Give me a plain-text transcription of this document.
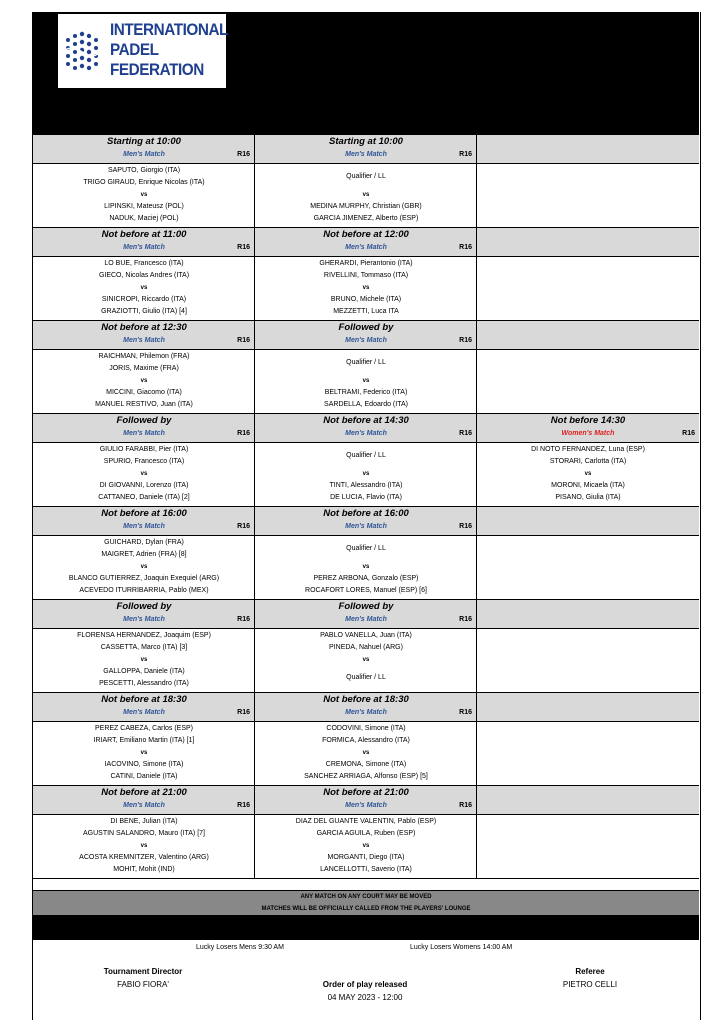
INTERNATIONAL
PADEL
FEDERATION
Starting at 10:00
Men's Match	R16
SAPUTO, Giorgio (ITA)
TRIGO GIRAUD, Enrique Nicolas (ITA)
vs
LIPINSKI, Mateusz (POL)
NADUK, Maciej (POL)
Starting at 10:00
Men's Match	R16
Qualifier / LL
vs
MEDINA MURPHY, Christian (GBR)
GARCIA JIMENEZ, Alberto (ESP)
Not before at 11:00
Men's Match	R16
LO BUE, Francesco (ITA)
GIECO, Nicolas Andres (ITA)
vs
SINICROPI, Riccardo (ITA)
GRAZIOTTI, Giulio (ITA) [4]
Not before at 12:00
Men's Match	R16
GHERARDI, Pierantonio (ITA)
RIVELLINI, Tommaso (ITA)
vs
BRUNO, Michele (ITA)
MEZZETTI, Luca ITA
Not before at 12:30
Men's Match	R16
RAICHMAN, Philemon (FRA)
JORIS, Maxime (FRA)
vs
MICCINI, Giacomo (ITA)
MANUEL RESTIVO, Juan (ITA)
Followed by
Men's Match	R16
Qualifier / LL
vs
BELTRAMI, Federico (ITA)
SARDELLA, Edoardo (ITA)
Followed by
Men's Match	R16
GIULIO FARABBI, Pier (ITA)
SPURIO, Francesco (ITA)
vs
DI GIOVANNI, Lorenzo (ITA)
CATTANEO, Daniele (ITA) [2]
Not before at 14:30
Men's Match	R16
Qualifier / LL
vs
TINTI, Alessandro (ITA)
DE LUCIA, Flavio (ITA)
Not before 14:30
Women's Match	R16
DI NOTO FERNANDEZ, Luna (ESP)
STORARI, Carlotta (ITA)
vs
MORONI, Micaela (ITA)
PISANO, Giulia (ITA)
Not before at 16:00
Men's Match	R16
GUICHARD, Dylan (FRA)
MAIGRET, Adrien (FRA) [8]
vs
BLANCO GUTIERREZ, Joaquin Exequiel (ARG)
ACEVEDO ITURRIBARRIA, Pablo (MEX)
Not before at 16:00
Men's Match	R16
Qualifier / LL
vs
PEREZ ARBONA, Gonzalo (ESP)
ROCAFORT LORES, Manuel (ESP) [6]
Followed by
Men's Match	R16
FLORENSA HERNANDEZ, Joaquim (ESP)
CASSETTA, Marco (ITA) [3]
vs
GALLOPPA, Daniele (ITA)
PESCETTI, Alessandro (ITA)
Followed by
Men's Match	R16
PABLO VANELLA, Juan (ITA)
PINEDA, Nahuel (ARG)
vs
Qualifier / LL
Not before at 18:30
Men's Match	R16
PEREZ CABEZA, Carlos (ESP)
IRIART, Emiliano Martin (ITA) [1]
vs
IACOVINO, Simone (ITA)
CATINI, Daniele (ITA)
Not before at 18:30
Men's Match	R16
CODOVINI, Simone (ITA)
FORMICA, Alessandro (ITA)
vs
CREMONA, Simone (ITA)
SANCHEZ ARRIAGA, Alfonso (ESP) [5]
Not before at 21:00
Men's Match	R16
DI BENE, Julian (ITA)
AGUSTIN SALANDRO, Mauro (ITA) [7]
vs
ACOSTA KREMNITZER, Valentino (ARG)
MOHIT, Mohit (IND)
Not before at 21:00
Men's Match	R16
DIAZ DEL GUANTE VALENTIN, Pablo (ESP)
GARCIA AGUILA, Ruben (ESP)
vs
MORGANTI, Diego (ITA)
LANCELLOTTI, Saverio (ITA)
ANY MATCH ON ANY COURT MAY BE MOVED
MATCHES WILL BE OFFICIALLY CALLED FROM THE PLAYERS' LOUNGE
Lucky Losers Mens 9:30 AM	Lucky Losers Womens 14:00 AM
Tournament Director
FABIO FIORA'	Order of play released
04 MAY 2023 - 12:00
Referee
PIETRO CELLI
